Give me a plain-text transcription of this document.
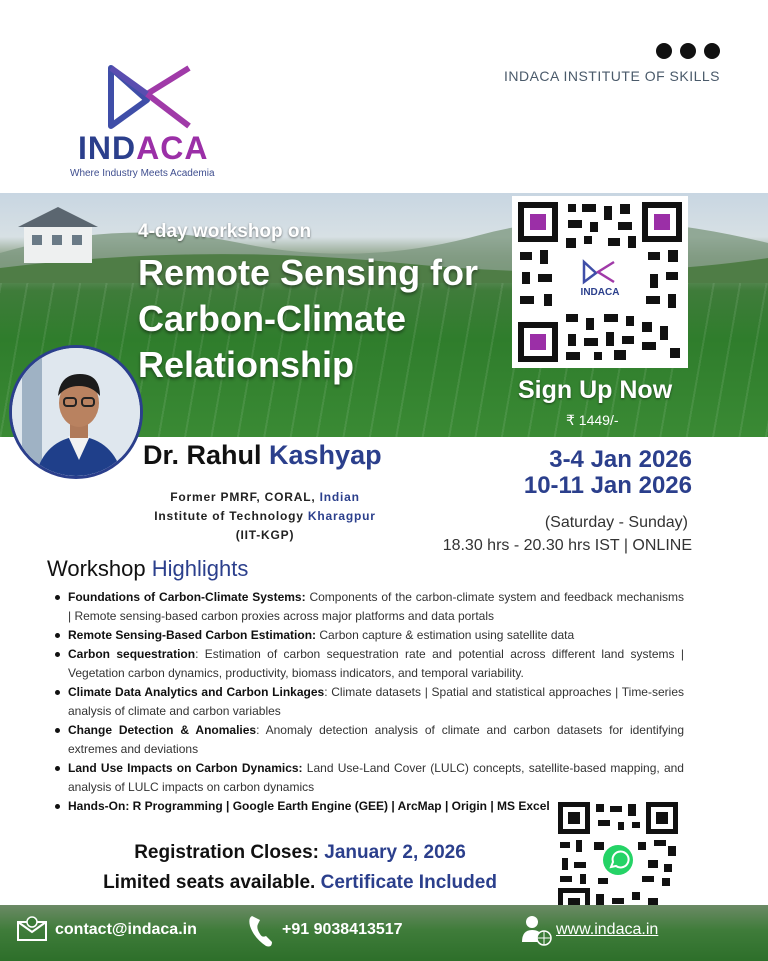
INDACA INSTITUTE OF SKILLS
INDACA
Where Industry Meets Academia
4-day workshop on
Remote Sensing for
Carbon-Climate
Relationship
INDACA
Sign Up Now
₹ 1449/-
Dr. Rahul Kashyap
Former PMRF, CORAL, Indian
Institute of Technology Kharagpur
(IIT-KGP)
3-4 Jan 2026
10-11 Jan 2026
(Saturday - Sunday)
18.30 hrs - 20.30 hrs IST | ONLINE
Workshop Highlights
Foundations of Carbon-Climate Systems: Components of the carbon-climate system and feedback mechanisms | Remote sensing-based carbon proxies across major platforms and data portals
Remote Sensing-Based Carbon Estimation: Carbon capture & estimation using satellite data
Carbon sequestration: Estimation of carbon sequestration rate and potential across different land systems | Vegetation carbon dynamics, productivity, biomass indicators, and temporal variability.
Climate Data Analytics and Carbon Linkages: Climate datasets | Spatial and statistical approaches | Time-series analysis of climate and carbon variables
Change Detection & Anomalies: Anomaly detection analysis of climate and carbon datasets for identifying extremes and deviations
Land Use Impacts on Carbon Dynamics: Land Use-Land Cover (LULC) concepts, satellite-based mapping, and analysis of LULC impacts on carbon dynamics
Hands-On: R Programming | Google Earth Engine (GEE) | ArcMap | Origin | MS Excel
Registration Closes: January 2, 2026
Limited seats available. Certificate Included
contact@indaca.in	+91 9038413517	www.indaca.in
